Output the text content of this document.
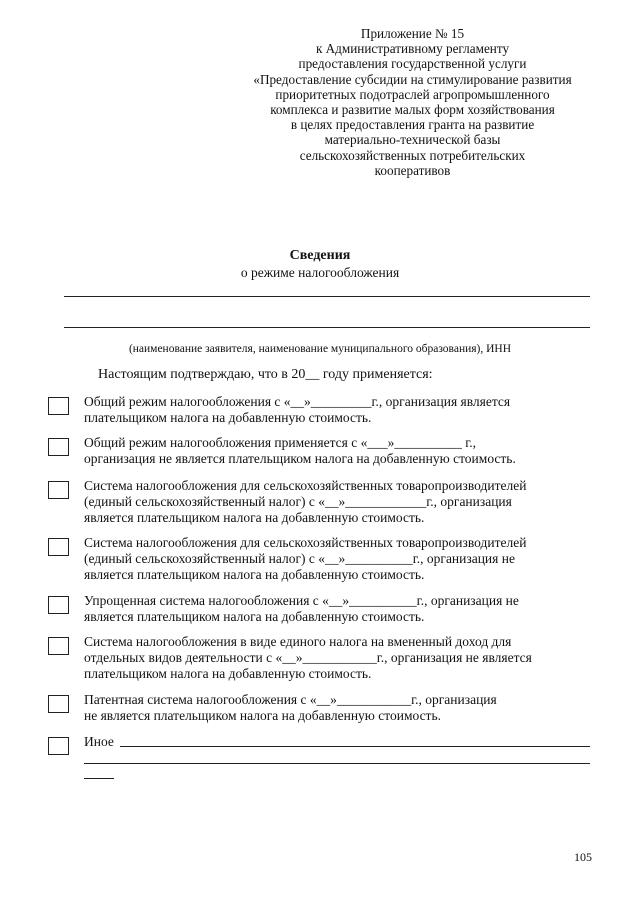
Приложение № 15
к Административному регламенту
предоставления государственной услуги
«Предоставление субсидии на стимулирование развития
приоритетных подотраслей агропромышленного
комплекса и развитие малых форм хозяйствования
в целях предоставления гранта на развитие
материально-технической базы
сельскохозяйственных потребительских
кооперативов
Сведения
о режиме налогообложения
(наименование заявителя, наименование муниципального образования), ИНН
Настоящим подтверждаю, что в 20__ году применяется:
Общий режим налогообложения с «__»_________г., организация является
плательщиком налога на добавленную стоимость.
Общий режим налогообложения применяется с «___»__________ г.,
организация не является плательщиком налога на добавленную стоимость.
Система налогообложения для сельскохозяйственных товаропроизводителей
(единый сельскохозяйственный налог) с «__»____________г., организация
является плательщиком налога на добавленную стоимость.
Система налогообложения для сельскохозяйственных товаропроизводителей
(единый сельскохозяйственный налог) с «__»__________г., организация не
является плательщиком налога на добавленную стоимость.
Упрощенная система налогообложения с «__»__________г., организация не
является плательщиком налога на добавленную стоимость.
Система налогообложения в виде единого налога на вмененный доход для
отдельных видов деятельности с «__»___________г., организация не является
плательщиком налога на добавленную стоимость.
Патентная система налогообложения с «__»___________г., организация
не является плательщиком налога на добавленную стоимость.
Иное
105
